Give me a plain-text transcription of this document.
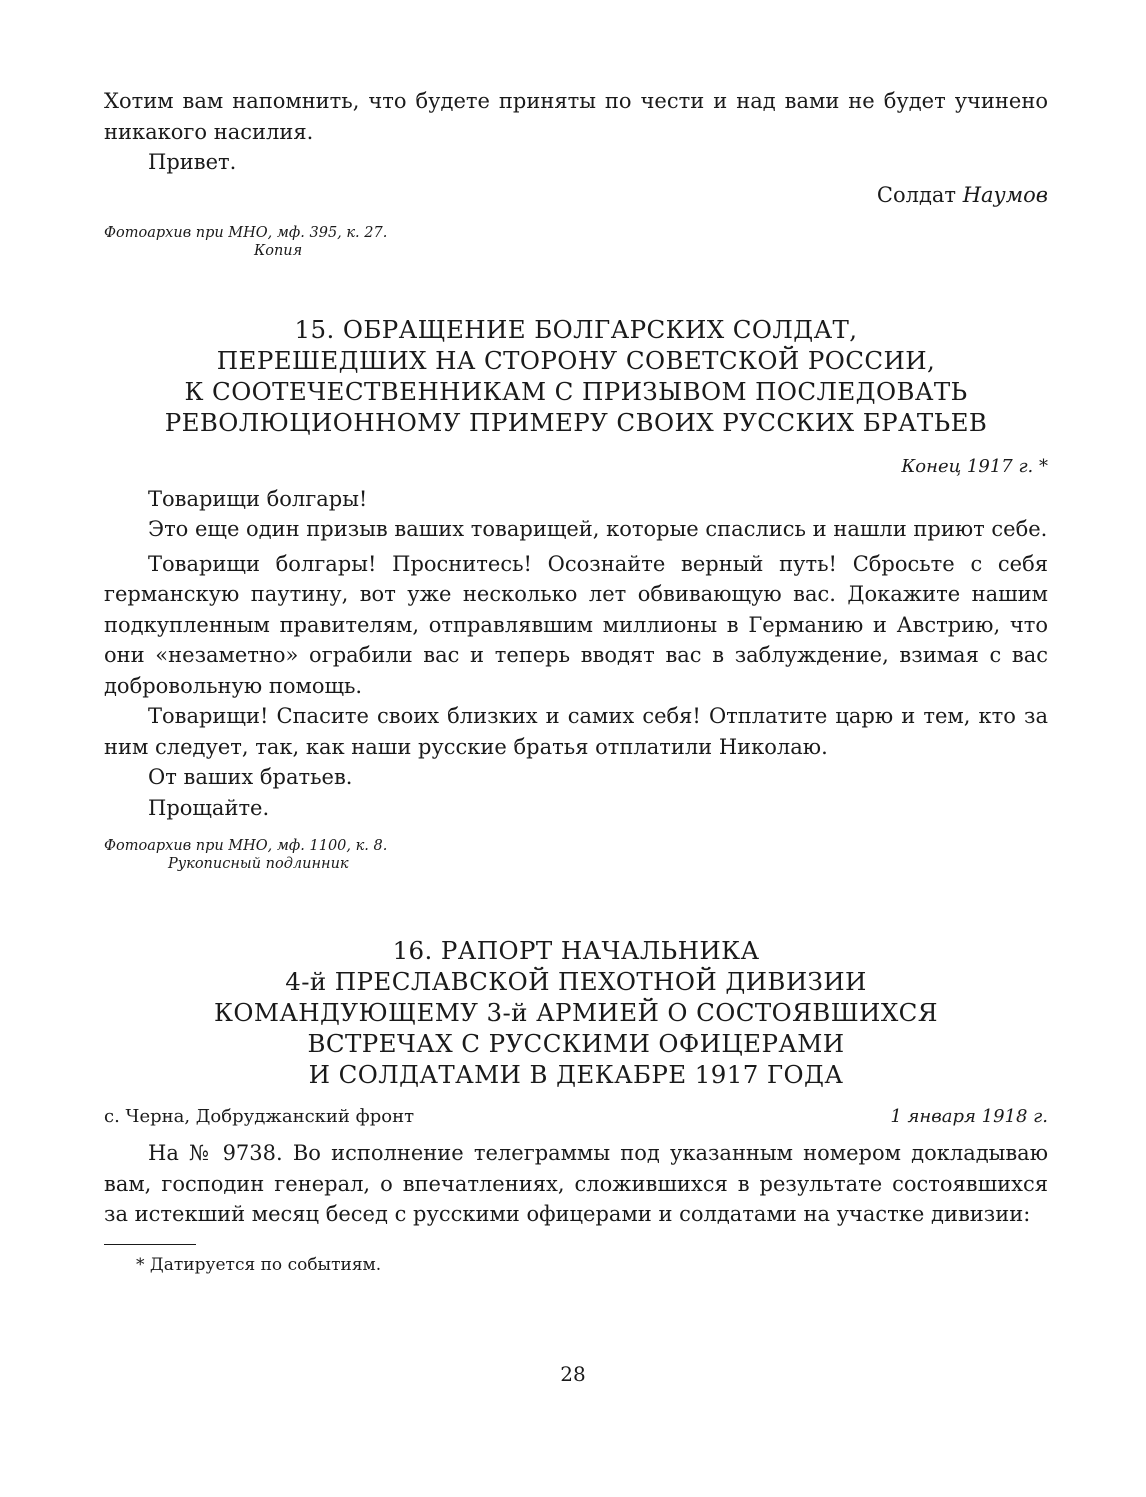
Хотим вам напомнить, что будете приняты по чести и над вами не будет учинено никакого насилия.

Привет.

Солдат Наумов

Фотоархив при МНО, мф. 395, к. 27.
Копия

15. ОБРАЩЕНИЕ БОЛГАРСКИХ СОЛДАТ,
ПЕРЕШЕДШИХ НА СТОРОНУ СОВЕТСКОЙ РОССИИ,
К СООТЕЧЕСТВЕННИКАМ С ПРИЗЫВОМ ПОСЛЕДОВАТЬ
РЕВОЛЮЦИОННОМУ ПРИМЕРУ СВОИХ РУССКИХ БРАТЬЕВ

Конец 1917 г. *

Товарищи болгары!

Это еще один призыв ваших товарищей, которые спаслись и нашли приют себе.

Товарищи болгары! Проснитесь! Осознайте верный путь! Сбросьте с себя германскую паутину, вот уже несколько лет обвивающую вас. Докажите нашим подкупленным правителям, отправлявшим миллионы в Германию и Австрию, что они «незаметно» ограбили вас и теперь вводят вас в заблуждение, взимая с вас добровольную помощь.

Товарищи! Спасите своих близких и самих себя! Отплатите царю и тем, кто за ним следует, так, как наши русские братья отплатили Николаю.

От ваших братьев.

Прощайте.

Фотоархив при МНО, мф. 1100, к. 8.
Рукописный подлинник

16. РАПОРТ НАЧАЛЬНИКА
4-й ПРЕСЛАВСКОЙ ПЕХОТНОЙ ДИВИЗИИ
КОМАНДУЮЩЕМУ 3-й АРМИЕЙ О СОСТОЯВШИХСЯ
ВСТРЕЧАХ С РУССКИМИ ОФИЦЕРАМИ
И СОЛДАТАМИ В ДЕКАБРЕ 1917 ГОДА
с. Черна, Добруджанский фронт	1 января 1918 г.

На № 9738. Во исполнение телеграммы под указанным номером докладываю вам, господин генерал, о впечатлениях, сложившихся в результате состоявшихся за истекший месяц бесед с русскими офицерами и солдатами на участке дивизии:

* Датируется по событиям.

28
